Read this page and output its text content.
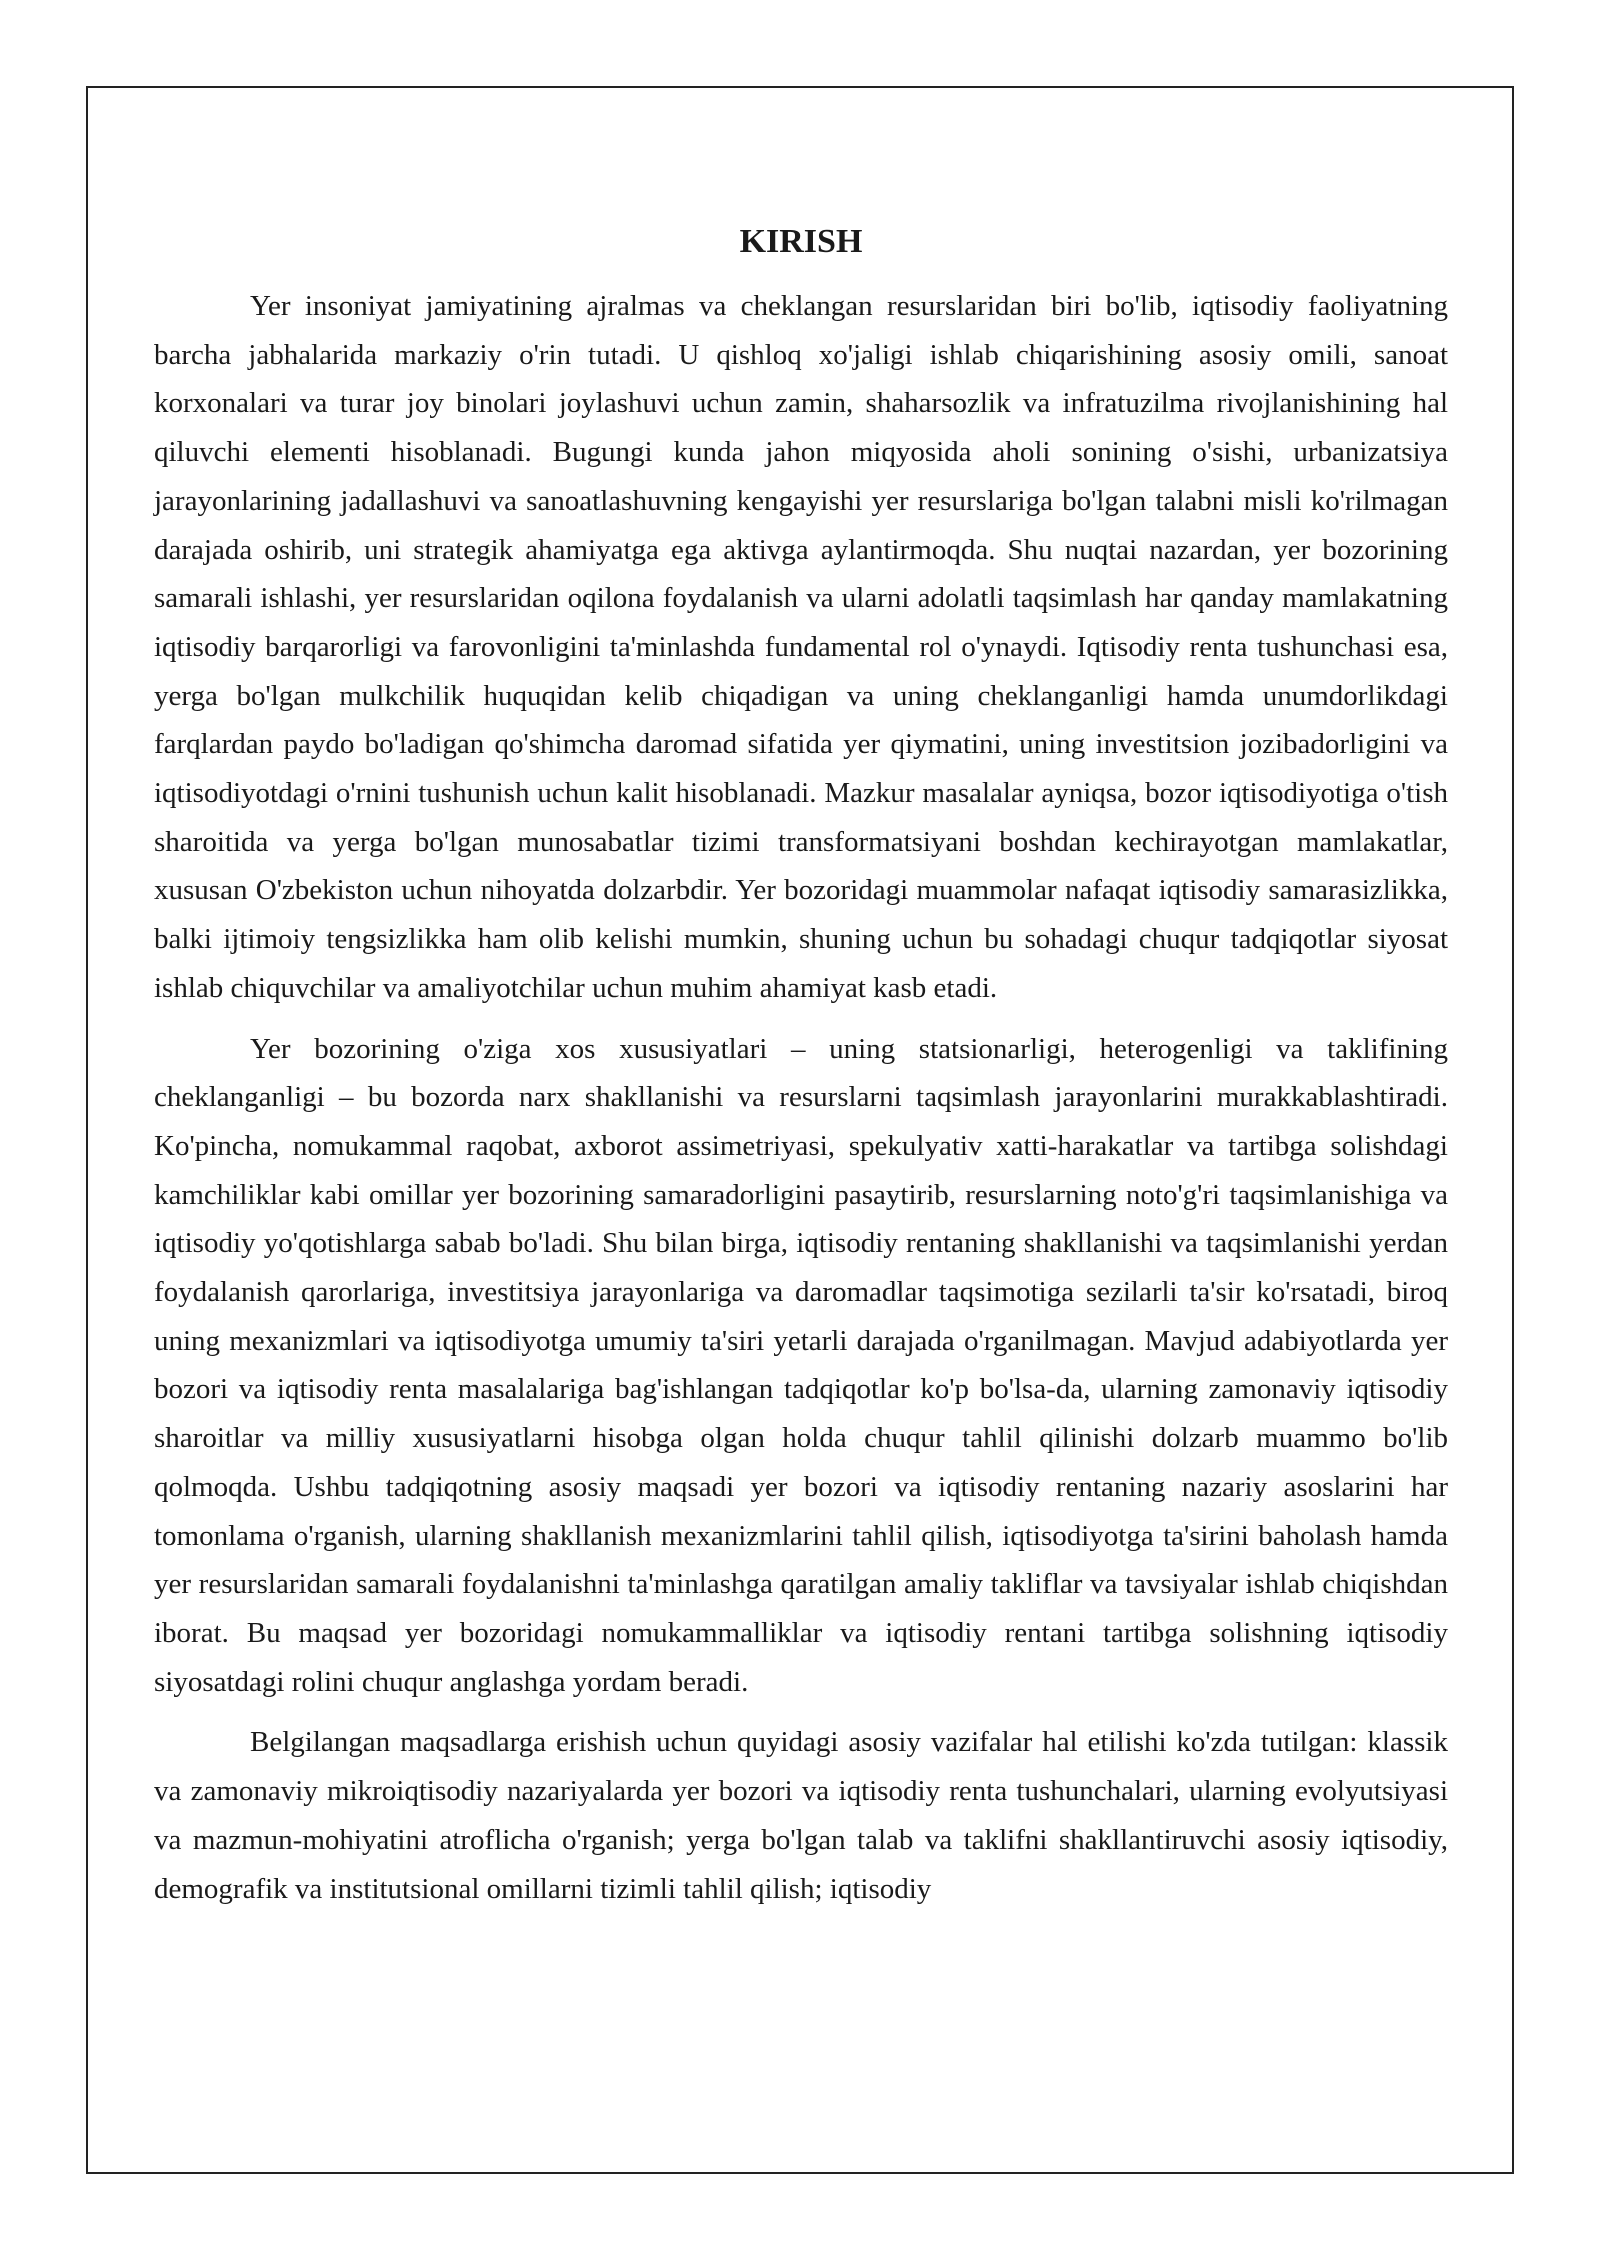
KIRISH

Yer insoniyat jamiyatining ajralmas va cheklangan resurslaridan biri bo'lib, iqtisodiy faoliyatning barcha jabhalarida markaziy o'rin tutadi. U qishloq xo'jaligi ishlab chiqarishining asosiy omili, sanoat korxonalari va turar joy binolari joylashuvi uchun zamin, shaharsozlik va infratuzilma rivojlanishining hal qiluvchi elementi hisoblanadi. Bugungi kunda jahon miqyosida aholi sonining o'sishi, urbanizatsiya jarayonlarining jadallashuvi va sanoatlashuvning kengayishi yer resurslariga bo'lgan talabni misli ko'rilmagan darajada oshirib, uni strategik ahamiyatga ega aktivga aylantirmoqda. Shu nuqtai nazardan, yer bozorining samarali ishlashi, yer resurslaridan oqilona foydalanish va ularni adolatli taqsimlash har qanday mamlakatning iqtisodiy barqarorligi va farovonligini ta'minlashda fundamental rol o'ynaydi. Iqtisodiy renta tushunchasi esa, yerga bo'lgan mulkchilik huquqidan kelib chiqadigan va uning cheklanganligi hamda unumdorlikdagi farqlardan paydo bo'ladigan qo'shimcha daromad sifatida yer qiymatini, uning investitsion jozibadorligini va iqtisodiyotdagi o'rnini tushunish uchun kalit hisoblanadi. Mazkur masalalar ayniqsa, bozor iqtisodiyotiga o'tish sharoitida va yerga bo'lgan munosabatlar tizimi transformatsiyani boshdan kechirayotgan mamlakatlar, xususan O'zbekiston uchun nihoyatda dolzarbdir. Yer bozoridagi muammolar nafaqat iqtisodiy samarasizlikka, balki ijtimoiy tengsizlikka ham olib kelishi mumkin, shuning uchun bu sohadagi chuqur tadqiqotlar siyosat ishlab chiquvchilar va amaliyotchilar uchun muhim ahamiyat kasb etadi.

Yer bozorining o'ziga xos xususiyatlari – uning statsionarligi, heterogenligi va taklifining cheklanganligi – bu bozorda narx shakllanishi va resurslarni taqsimlash jarayonlarini murakkablashtiradi. Ko'pincha, nomukammal raqobat, axborot assimetriyasi, spekulyativ xatti-harakatlar va tartibga solishdagi kamchiliklar kabi omillar yer bozorining samaradorligini pasaytirib, resurslarning noto'g'ri taqsimlanishiga va iqtisodiy yo'qotishlarga sabab bo'ladi. Shu bilan birga, iqtisodiy rentaning shakllanishi va taqsimlanishi yerdan foydalanish qarorlariga, investitsiya jarayonlariga va daromadlar taqsimotiga sezilarli ta'sir ko'rsatadi, biroq uning mexanizmlari va iqtisodiyotga umumiy ta'siri yetarli darajada o'rganilmagan. Mavjud adabiyotlarda yer bozori va iqtisodiy renta masalalariga bag'ishlangan tadqiqotlar ko'p bo'lsa-da, ularning zamonaviy iqtisodiy sharoitlar va milliy xususiyatlarni hisobga olgan holda chuqur tahlil qilinishi dolzarb muammo bo'lib qolmoqda. Ushbu tadqiqotning asosiy maqsadi yer bozori va iqtisodiy rentaning nazariy asoslarini har tomonlama o'rganish, ularning shakllanish mexanizmlarini tahlil qilish, iqtisodiyotga ta'sirini baholash hamda yer resurslaridan samarali foydalanishni ta'minlashga qaratilgan amaliy takliflar va tavsiyalar ishlab chiqishdan iborat. Bu maqsad yer bozoridagi nomukammalliklar va iqtisodiy rentani tartibga solishning iqtisodiy siyosatdagi rolini chuqur anglashga yordam beradi.

Belgilangan maqsadlarga erishish uchun quyidagi asosiy vazifalar hal etilishi ko'zda tutilgan: klassik va zamonaviy mikroiqtisodiy nazariyalarda yer bozori va iqtisodiy renta tushunchalari, ularning evolyutsiyasi va mazmun-mohiyatini atroflicha o'rganish; yerga bo'lgan talab va taklifni shakllantiruvchi asosiy iqtisodiy, demografik va institutsional omillarni tizimli tahlil qilish; iqtisodiy
